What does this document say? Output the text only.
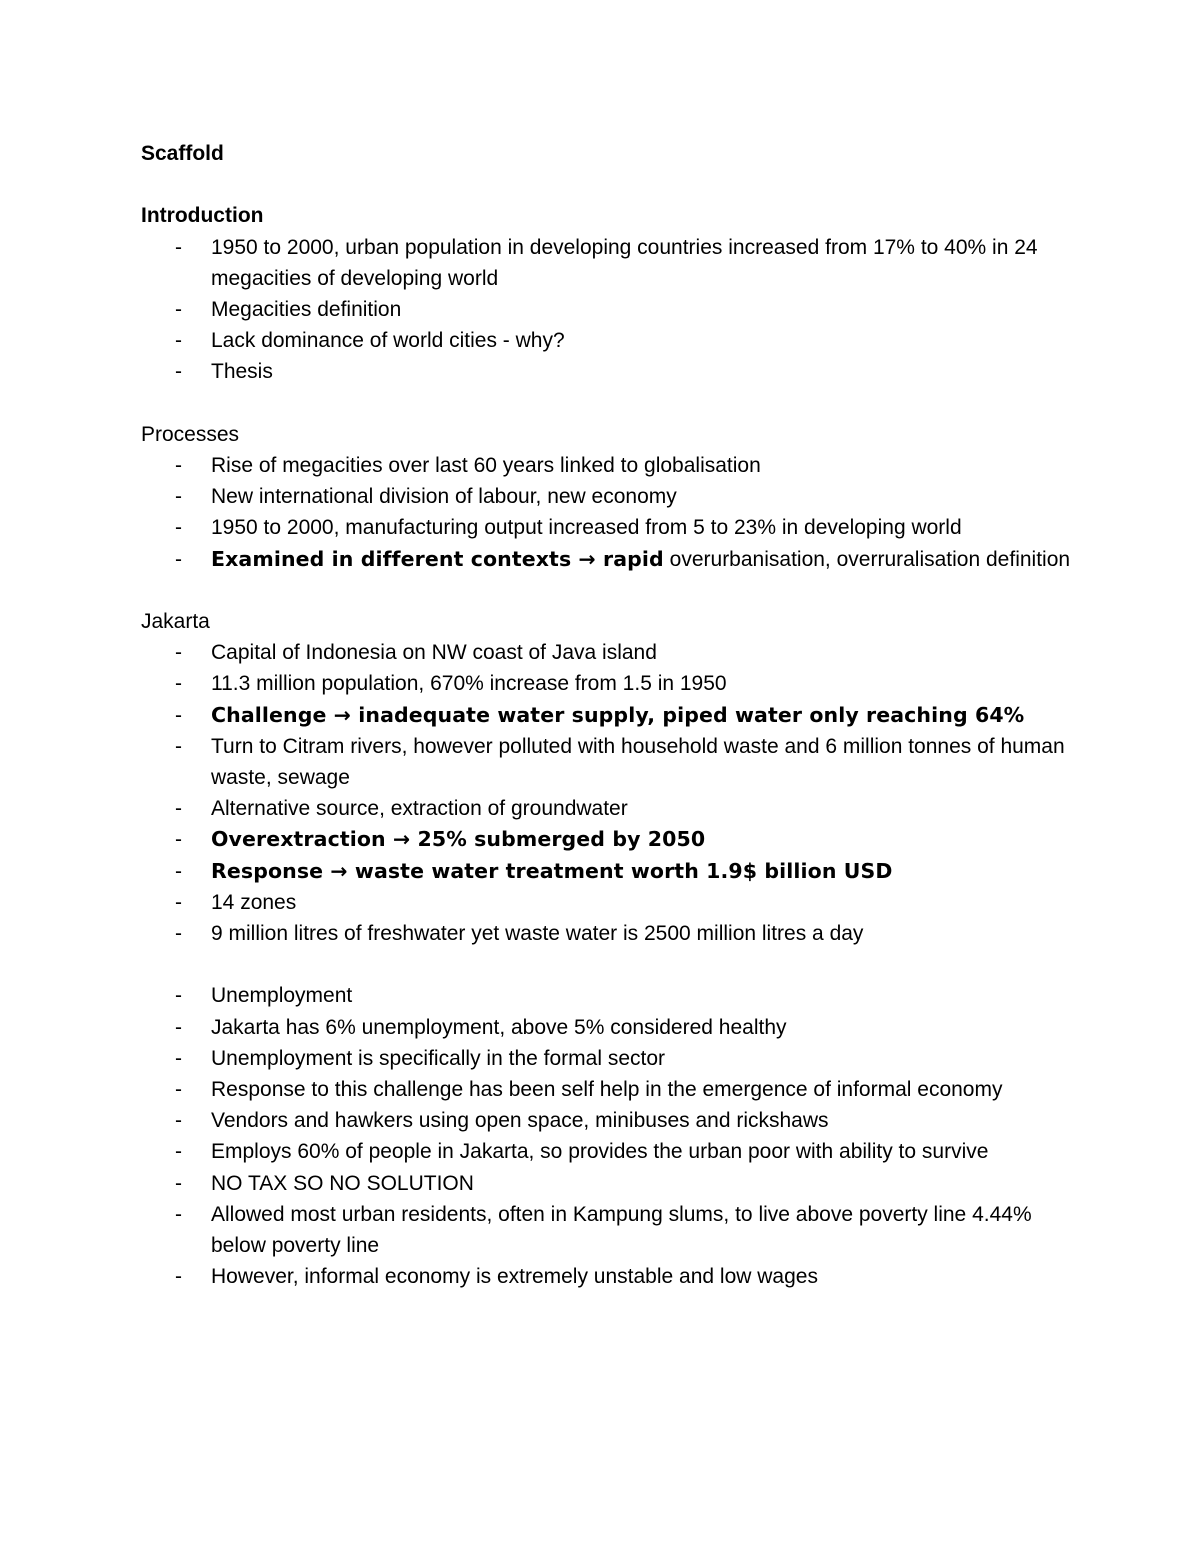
Scaffold

Introduction

- 1950 to 2000, urban population in developing countries increased from 17% to 40% in 24 megacities of developing world
- Megacities definition
- Lack dominance of world cities - why?
- Thesis

Processes

- Rise of megacities over last 60 years linked to globalisation
- New international division of labour, new economy
- 1950 to 2000, manufacturing output increased from 5 to 23% in developing world
- Examined in different contexts → rapid overurbanisation, overruralisation definition

Jakarta

- Capital of Indonesia on NW coast of Java island
- 11.3 million population, 670% increase from 1.5 in 1950
- Challenge → inadequate water supply, piped water only reaching 64%
- Turn to Citram rivers, however polluted with household waste and 6 million tonnes of human waste, sewage
- Alternative source, extraction of groundwater
- Overextraction → 25% submerged by 2050
- Response → waste water treatment worth 1.9$ billion USD
- 14 zones
- 9 million litres of freshwater yet waste water is 2500 million litres a day
- Unemployment
- Jakarta has 6% unemployment, above 5% considered healthy
- Unemployment is specifically in the formal sector
- Response to this challenge has been self help in the emergence of informal economy
- Vendors and hawkers using open space, minibuses and rickshaws
- Employs 60% of people in Jakarta, so provides the urban poor with ability to survive
- NO TAX SO NO SOLUTION
- Allowed most urban residents, often in Kampung slums, to live above poverty line 4.44% below poverty line
- However, informal economy is extremely unstable and low wages
